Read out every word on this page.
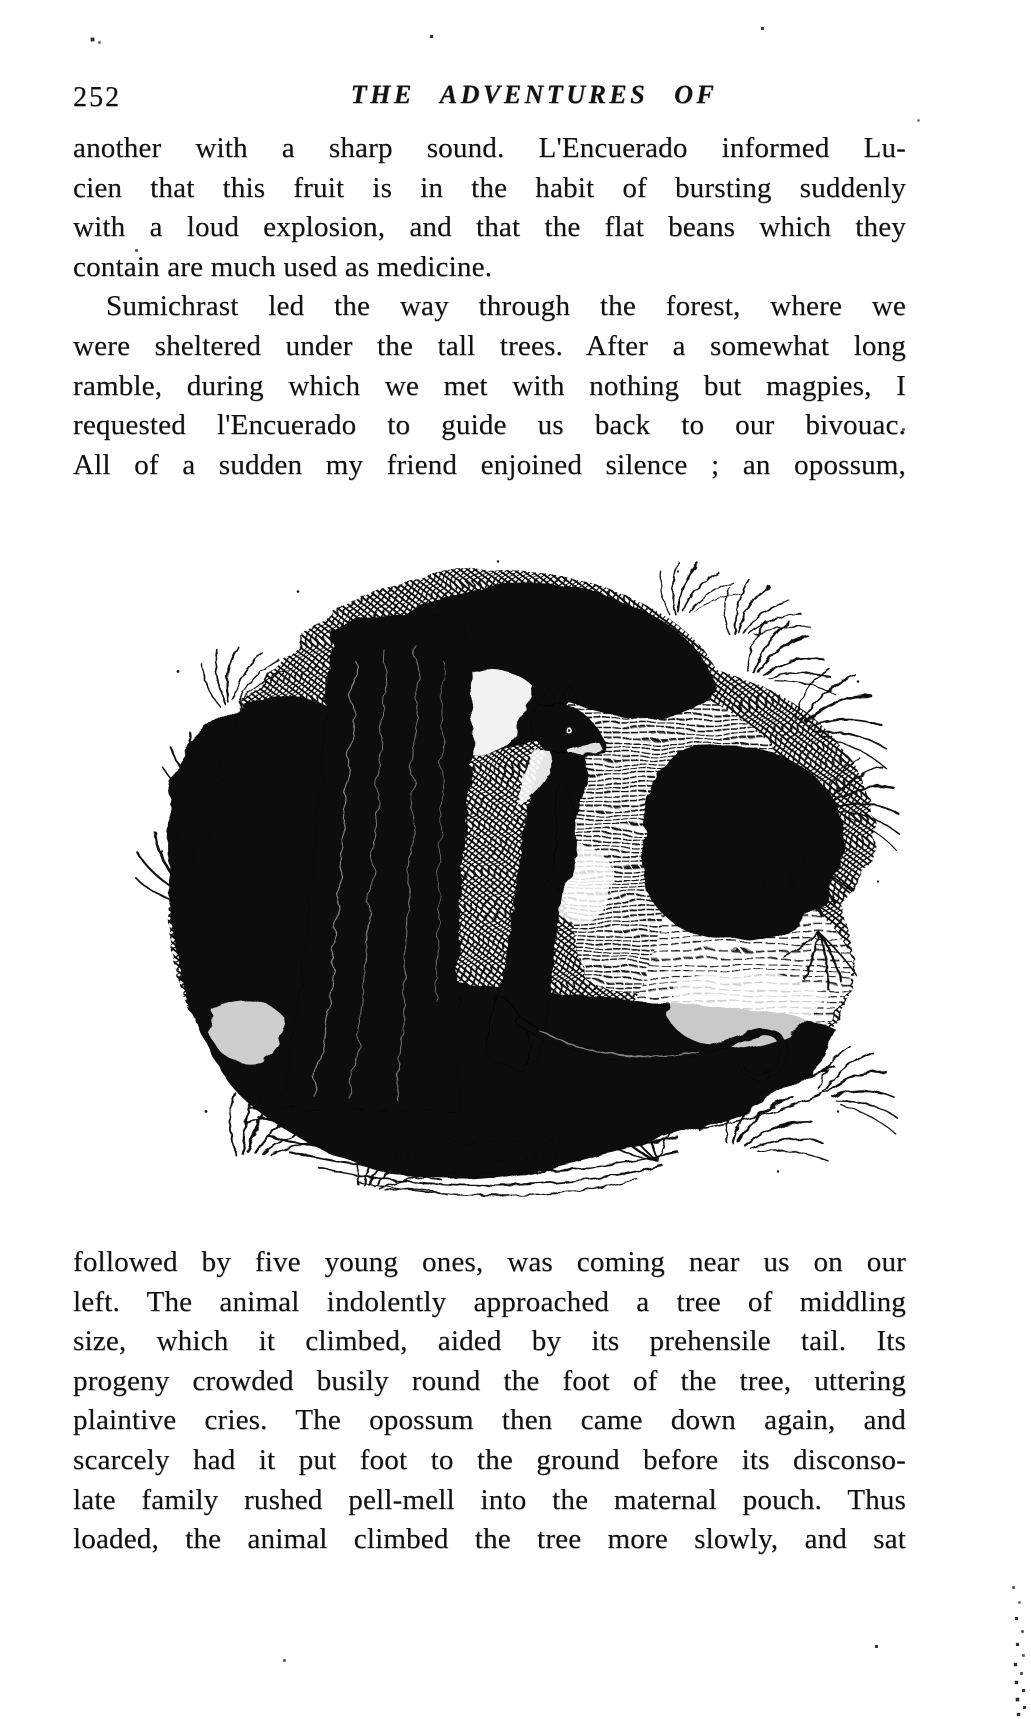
252	THE ADVENTURES OF
another with a sharp sound. L'Encuerado informed Lu-
cien that this fruit is in the habit of bursting suddenly
with a loud explosion, and that the flat beans which they
contain are much used as medicine.
Sumichrast led the way through the forest, where we
were sheltered under the tall trees. After a somewhat long
ramble, during which we met with nothing but magpies, I
requested l'Encuerado to guide us back to our bivouac.
All of a sudden my friend enjoined silence ; an opossum,
followed by five young ones, was coming near us on our
left. The animal indolently approached a tree of middling
size, which it climbed, aided by its prehensile tail. Its
progeny crowded busily round the foot of the tree, uttering
plaintive cries. The opossum then came down again, and
scarcely had it put foot to the ground before its disconso-
late family rushed pell-mell into the maternal pouch. Thus
loaded, the animal climbed the tree more slowly, and sat
